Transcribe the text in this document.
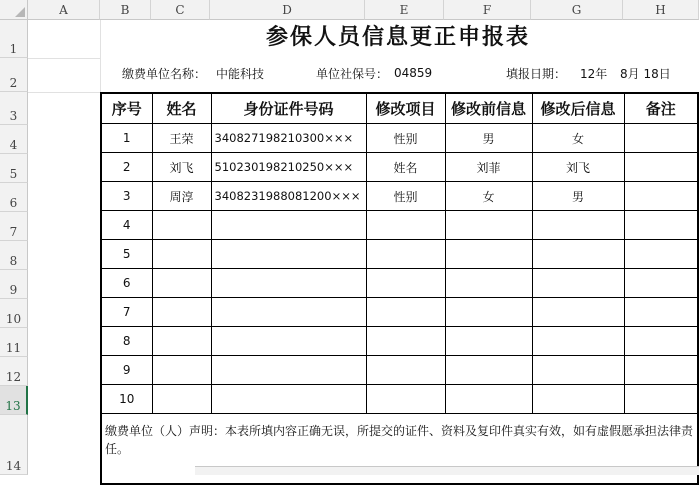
A	B	C	D	E	F	G	H
1
2
3
4
5
6
7
8
9
10
11
12
13
14
参保人员信息更正申报表
缴费单位名称： 中能科技	单位社保号： 04859	填报日期： 12年 8月 18日
序号	姓名	身份证件号码	修改项目	修改前信息	修改后信息	备注
1	王荣	340827198210300×××	性别	男	女	
2	刘飞	510230198210250×××	姓名	刘菲	刘飞	
3	周淳	3408231988081200×××	性别	女	男	
4						
5						
6						
7						
8						
9						
10						
缴费单位（人）声明：本表所填内容正确无误，所提交的证件、资料及复印件真实有效，如有虚假愿承担法律责任。						
